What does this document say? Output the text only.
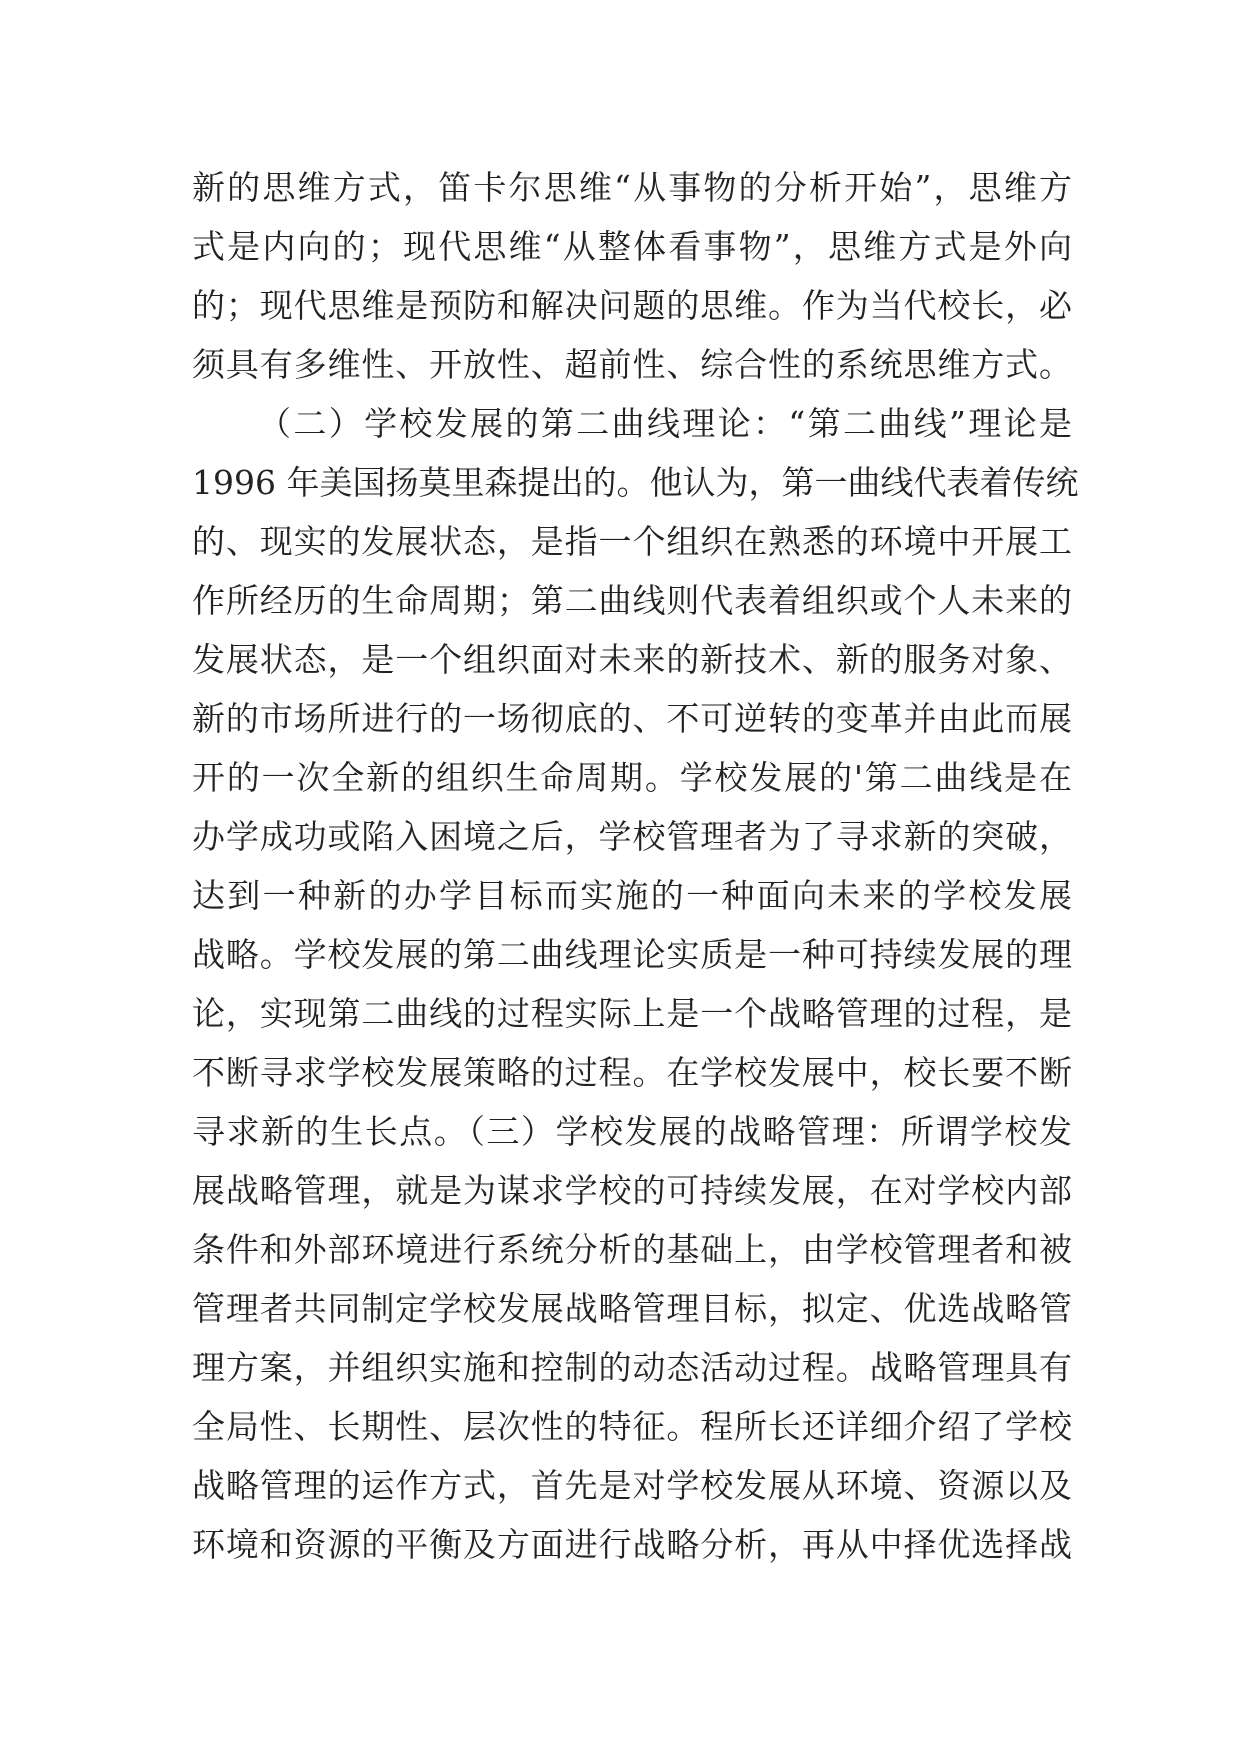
新的思维方式，笛卡尔思维“从事物的分析开始”，思维方
式是内向的；现代思维“从整体看事物”，思维方式是外向
的；现代思维是预防和解决问题的思维。作为当代校长，必
须具有多维性、开放性、超前性、综合性的系统思维方式。
（二）学校发展的第二曲线理论：“第二曲线”理论是
1996 年美国扬莫里森提出的。他认为，第一曲线代表着传统
的、现实的发展状态，是指一个组织在熟悉的环境中开展工
作所经历的生命周期；第二曲线则代表着组织或个人未来的
发展状态，是一个组织面对未来的新技术、新的服务对象、
新的市场所进行的一场彻底的、不可逆转的变革并由此而展
开的一次全新的组织生命周期。学校发展的'第二曲线是在
办学成功或陷入困境之后，学校管理者为了寻求新的突破，
达到一种新的办学目标而实施的一种面向未来的学校发展
战略。学校发展的第二曲线理论实质是一种可持续发展的理
论，实现第二曲线的过程实际上是一个战略管理的过程，是
不断寻求学校发展策略的过程。在学校发展中，校长要不断
寻求新的生长点。（三）学校发展的战略管理：所谓学校发
展战略管理，就是为谋求学校的可持续发展，在对学校内部
条件和外部环境进行系统分析的基础上，由学校管理者和被
管理者共同制定学校发展战略管理目标，拟定、优选战略管
理方案，并组织实施和控制的动态活动过程。战略管理具有
全局性、长期性、层次性的特征。程所长还详细介绍了学校
战略管理的运作方式，首先是对学校发展从环境、资源以及
环境和资源的平衡及方面进行战略分析，再从中择优选择战
